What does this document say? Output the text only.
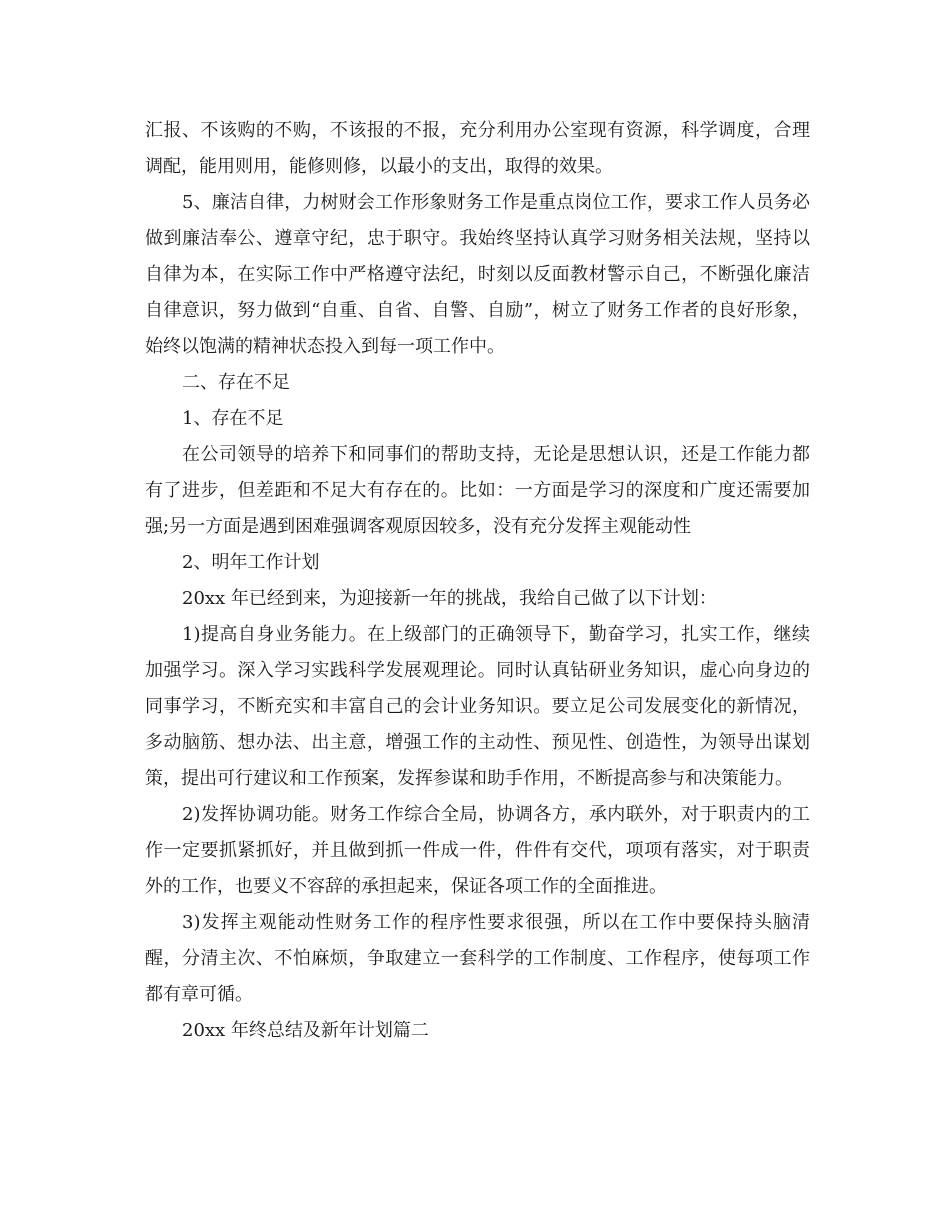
汇报、不该购的不购，不该报的不报，充分利用办公室现有资源，科学调度，合理调配，能用则用，能修则修，以最小的支出，取得的效果。

5、廉洁自律，力树财会工作形象财务工作是重点岗位工作，要求工作人员务必做到廉洁奉公、遵章守纪，忠于职守。我始终坚持认真学习财务相关法规，坚持以自律为本，在实际工作中严格遵守法纪，时刻以反面教材警示自己，不断强化廉洁自律意识，努力做到“自重、自省、自警、自励”，树立了财务工作者的良好形象，始终以饱满的精神状态投入到每一项工作中。

二、存在不足

1、存在不足

在公司领导的培养下和同事们的帮助支持，无论是思想认识，还是工作能力都有了进步，但差距和不足大有存在的。比如：一方面是学习的深度和广度还需要加强;另一方面是遇到困难强调客观原因较多，没有充分发挥主观能动性

2、明年工作计划

20xx 年已经到来，为迎接新一年的挑战，我给自己做了以下计划：

1)提高自身业务能力。在上级部门的正确领导下，勤奋学习，扎实工作，继续加强学习。深入学习实践科学发展观理论。同时认真钻研业务知识，虚心向身边的同事学习，不断充实和丰富自己的会计业务知识。要立足公司发展变化的新情况，多动脑筋、想办法、出主意，增强工作的主动性、预见性、创造性，为领导出谋划策，提出可行建议和工作预案，发挥参谋和助手作用，不断提高参与和决策能力。

2)发挥协调功能。财务工作综合全局，协调各方，承内联外，对于职责内的工作一定要抓紧抓好，并且做到抓一件成一件，件件有交代，项项有落实，对于职责外的工作，也要义不容辞的承担起来，保证各项工作的全面推进。

3)发挥主观能动性财务工作的程序性要求很强，所以在工作中要保持头脑清醒，分清主次、不怕麻烦，争取建立一套科学的工作制度、工作程序，使每项工作都有章可循。

20xx 年终总结及新年计划篇二
